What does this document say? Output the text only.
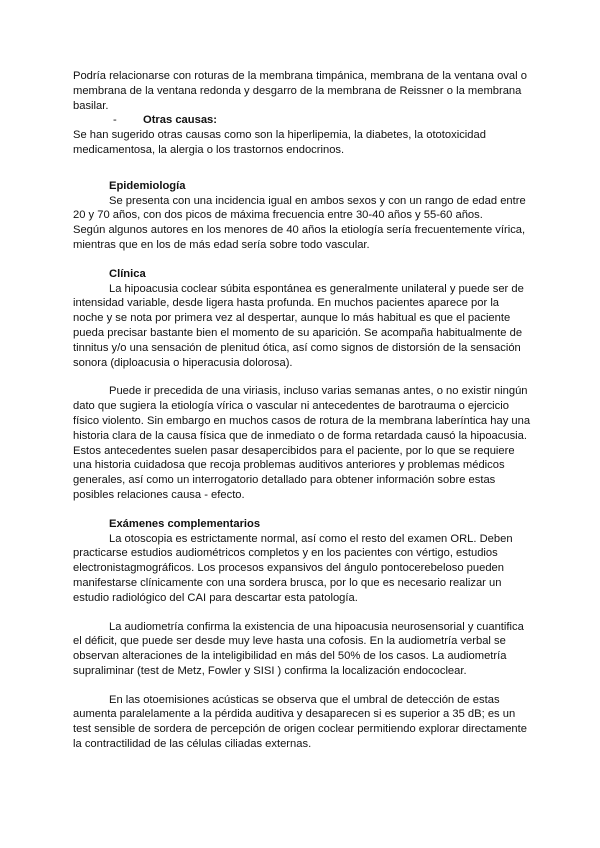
Podría relacionarse con roturas de la membrana timpánica, membrana de la ventana oval o membrana de la ventana redonda y desgarro de la membrana de Reissner o la membrana basilar.

-	Otras causas:

Se han sugerido otras causas como son la hiperlipemia, la diabetes, la ototoxicidad medicamentosa, la alergia o los trastornos endocrinos.

Epidemiología

Se presenta con una incidencia igual en ambos sexos y con un rango de edad entre 20 y 70 años, con dos picos de máxima frecuencia entre 30-40 años y 55-60 años.

Según algunos autores en los menores de 40 años la etiología sería frecuentemente vírica, mientras que en los de más edad sería sobre todo vascular.

Clínica

La hipoacusia coclear súbita espontánea es generalmente unilateral y puede ser de intensidad variable, desde ligera hasta profunda. En muchos pacientes aparece por la noche y se nota por primera vez al despertar, aunque lo más habitual es que el paciente pueda precisar bastante bien el momento de su aparición. Se acompaña habitualmente de tinnitus y/o una sensación de plenitud ótica, así como signos de distorsión de la sensación sonora (diploacusia o hiperacusia dolorosa).

Puede ir precedida de una viriasis, incluso varias semanas antes, o no existir ningún dato que sugiera la etiología vírica o vascular ni antecedentes de barotrauma o ejercicio físico violento. Sin embargo en muchos casos de rotura de la membrana laberíntica hay una historia clara de la causa física que de inmediato o de forma retardada causó la hipoacusia. Estos antecedentes suelen pasar desapercibidos para el paciente, por lo que se requiere una historia cuidadosa que recoja problemas auditivos anteriores y problemas médicos generales, así como un interrogatorio detallado para obtener información sobre estas posibles relaciones causa - efecto.

Exámenes complementarios

La otoscopia es estrictamente normal, así como el resto del examen ORL. Deben practicarse estudios audiométricos completos y en los pacientes con vértigo, estudios electronistagmográficos. Los procesos expansivos del ángulo pontocerebeloso pueden manifestarse clínicamente con una sordera brusca, por lo que es necesario realizar un estudio radiológico del CAI para descartar esta patología.

La audiometría confirma la existencia de una hipoacusia neurosensorial y cuantifica el déficit, que puede ser desde muy leve hasta una cofosis. En la audiometría verbal se observan alteraciones de la inteligibilidad en más del 50% de los casos. La audiometría supraliminar (test de Metz, Fowler y SISI ) confirma la localización endococlear.

En las otoemisiones acústicas se observa que el umbral de detección de estas aumenta paralelamente a la pérdida auditiva y desaparecen si es superior a 35 dB; es un test sensible de sordera de percepción de origen coclear permitiendo explorar directamente la contractilidad de las células ciliadas externas.
